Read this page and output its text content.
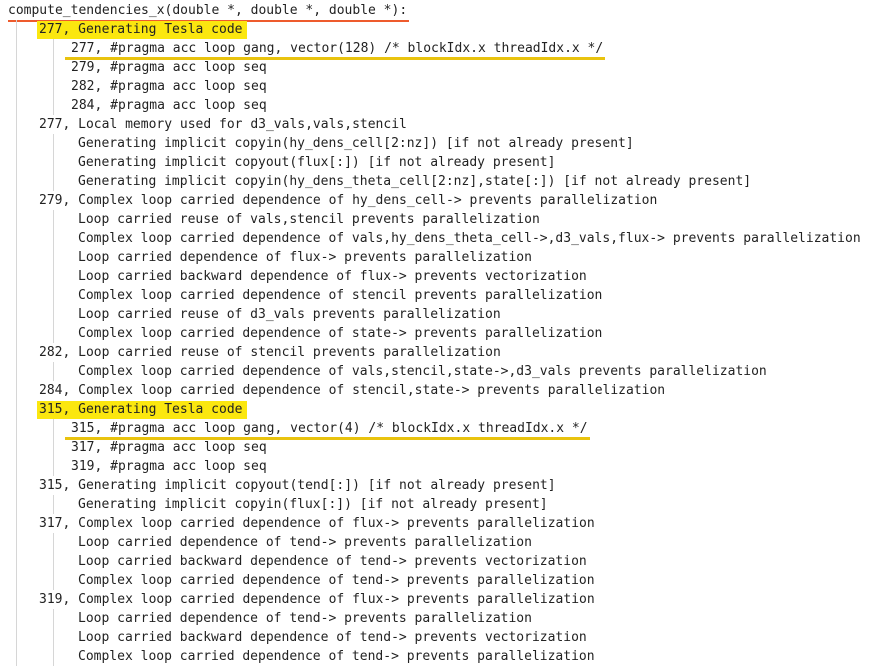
compute_tendencies_x(double *, double *, double *):
277, Generating Tesla code
277, #pragma acc loop gang, vector(128) /* blockIdx.x threadIdx.x */
279, #pragma acc loop seq
282, #pragma acc loop seq
284, #pragma acc loop seq
277, Local memory used for d3_vals,vals,stencil
Generating implicit copyin(hy_dens_cell[2:nz]) [if not already present]
Generating implicit copyout(flux[:]) [if not already present]
Generating implicit copyin(hy_dens_theta_cell[2:nz],state[:]) [if not already present]
279, Complex loop carried dependence of hy_dens_cell-> prevents parallelization
Loop carried reuse of vals,stencil prevents parallelization
Complex loop carried dependence of vals,hy_dens_theta_cell->,d3_vals,flux-> prevents parallelization
Loop carried dependence of flux-> prevents parallelization
Loop carried backward dependence of flux-> prevents vectorization
Complex loop carried dependence of stencil prevents parallelization
Loop carried reuse of d3_vals prevents parallelization
Complex loop carried dependence of state-> prevents parallelization
282, Loop carried reuse of stencil prevents parallelization
Complex loop carried dependence of vals,stencil,state->,d3_vals prevents parallelization
284, Complex loop carried dependence of stencil,state-> prevents parallelization
315, Generating Tesla code
315, #pragma acc loop gang, vector(4) /* blockIdx.x threadIdx.x */
317, #pragma acc loop seq
319, #pragma acc loop seq
315, Generating implicit copyout(tend[:]) [if not already present]
Generating implicit copyin(flux[:]) [if not already present]
317, Complex loop carried dependence of flux-> prevents parallelization
Loop carried dependence of tend-> prevents parallelization
Loop carried backward dependence of tend-> prevents vectorization
Complex loop carried dependence of tend-> prevents parallelization
319, Complex loop carried dependence of flux-> prevents parallelization
Loop carried dependence of tend-> prevents parallelization
Loop carried backward dependence of tend-> prevents vectorization
Complex loop carried dependence of tend-> prevents parallelization
